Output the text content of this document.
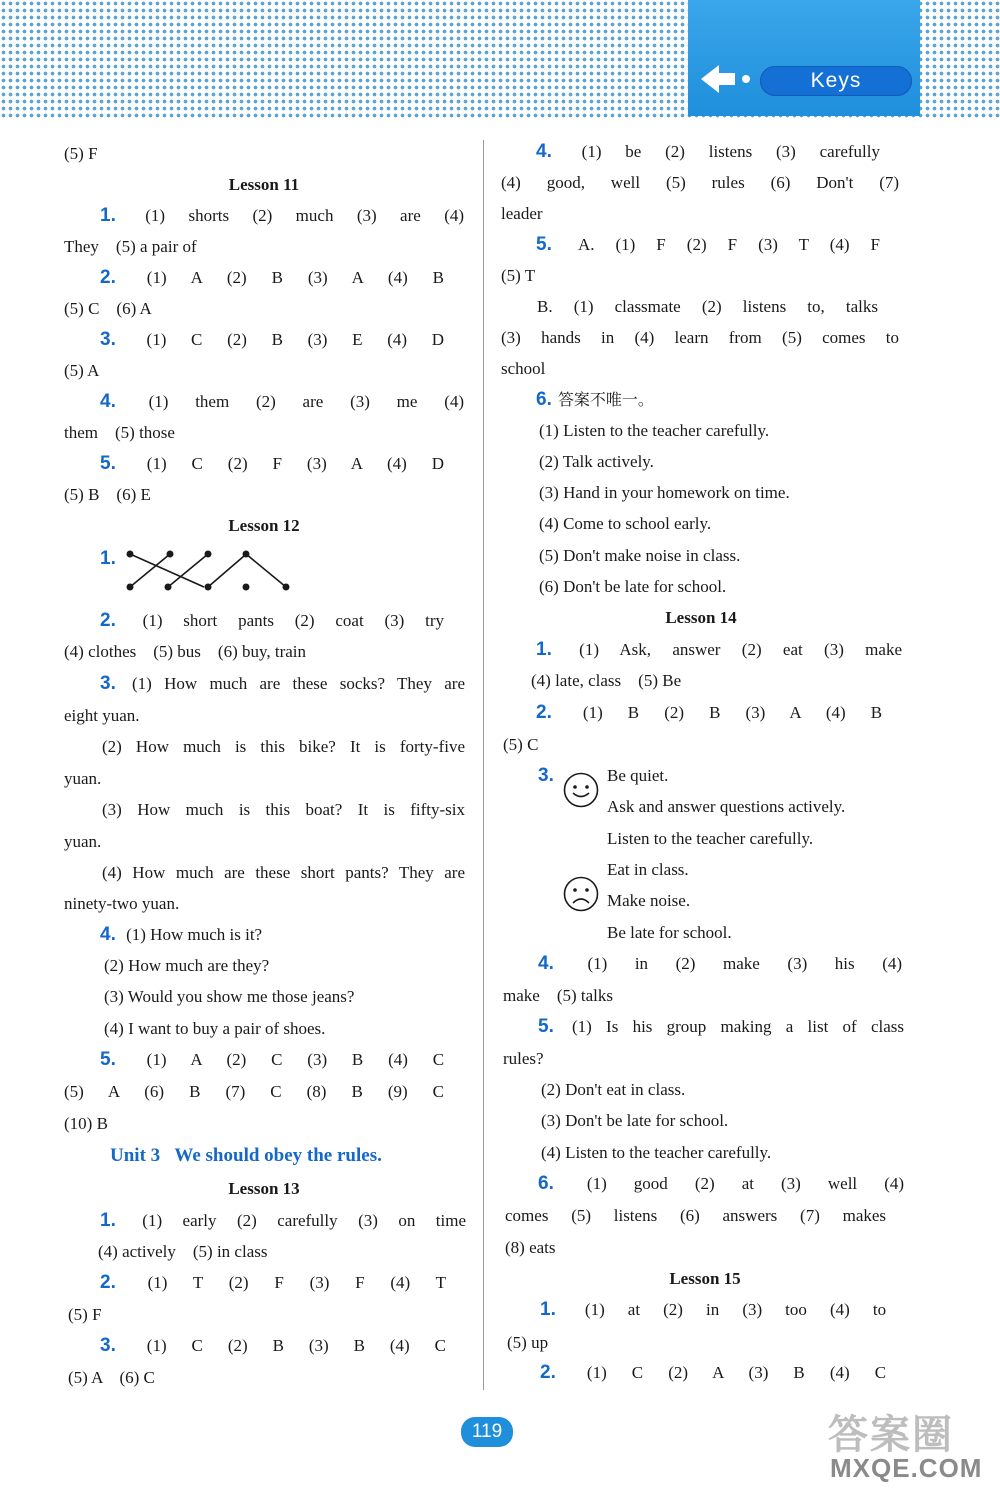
Keys
(5) F
Lesson 11
1. (1) shorts (2) much (3) are (4)
They    (5) a pair of
2. (1) A (2) B (3) A (4) B
(5) C    (6) A
3. (1) C (2) B (3) E (4) D
(5) A
4. (1) them (2) are (3) me (4)
them    (5) those
5. (1) C (2) F (3) A (4) D
(5) B    (6) E
Lesson 12
1.
2. (1) short pants (2) coat (3) try
(4) clothes    (5) bus    (6) buy, train
3. (1) How much are these socks? They are
eight yuan.
(2) How much is this bike? It is forty-five
yuan.
(3) How much is this boat? It is fifty-six
yuan.
(4) How much are these short pants? They are
ninety-two yuan.
4. (1) How much is it?
(2) How much are they?
(3) Would you show me those jeans?
(4) I want to buy a pair of shoes.
5. (1) A (2) C (3) B (4) C
(5) A (6) B (7) C (8) B (9) C
(10) B
Unit 3 We should obey the rules.
Lesson 13
1. (1) early (2) carefully (3) on time
(4) actively    (5) in class
2. (1) T (2) F (3) F (4) T
(5) F
3. (1) C (2) B (3) B (4) C
(5) A    (6) C
4. (1) be (2) listens (3) carefully
(4) good, well (5) rules (6) Don't (7)
leader
5. A. (1) F (2) F (3) T (4) F
(5) T
B. (1) classmate (2) listens to, talks
(3) hands in (4) learn from (5) comes to
school
6. 答案不唯一。
(1) Listen to the teacher carefully.
(2) Talk actively.
(3) Hand in your homework on time.
(4) Come to school early.
(5) Don't make noise in class.
(6) Don't be late for school.
Lesson 14
1. (1) Ask, answer (2) eat (3) make
(4) late, class    (5) Be
2. (1) B (2) B (3) A (4) B
(5) C
3.	Be quiet.
Ask and answer questions actively.
Listen to the teacher carefully.
Eat in class.
Make noise.
Be late for school.
4. (1) in (2) make (3) his (4)
make    (5) talks
5.	(1) Is his group making a list of class
rules?
(2) Don't eat in class.
(3) Don't be late for school.
(4) Listen to the teacher carefully.
6. (1) good (2) at (3) well (4)
comes (5) listens (6) answers (7) makes
(8) eats
Lesson 15
1. (1) at (2) in (3) too (4) to
(5) up
2. (1) C (2) A (3) B (4) C
119	答案圈
MXQE.COM
